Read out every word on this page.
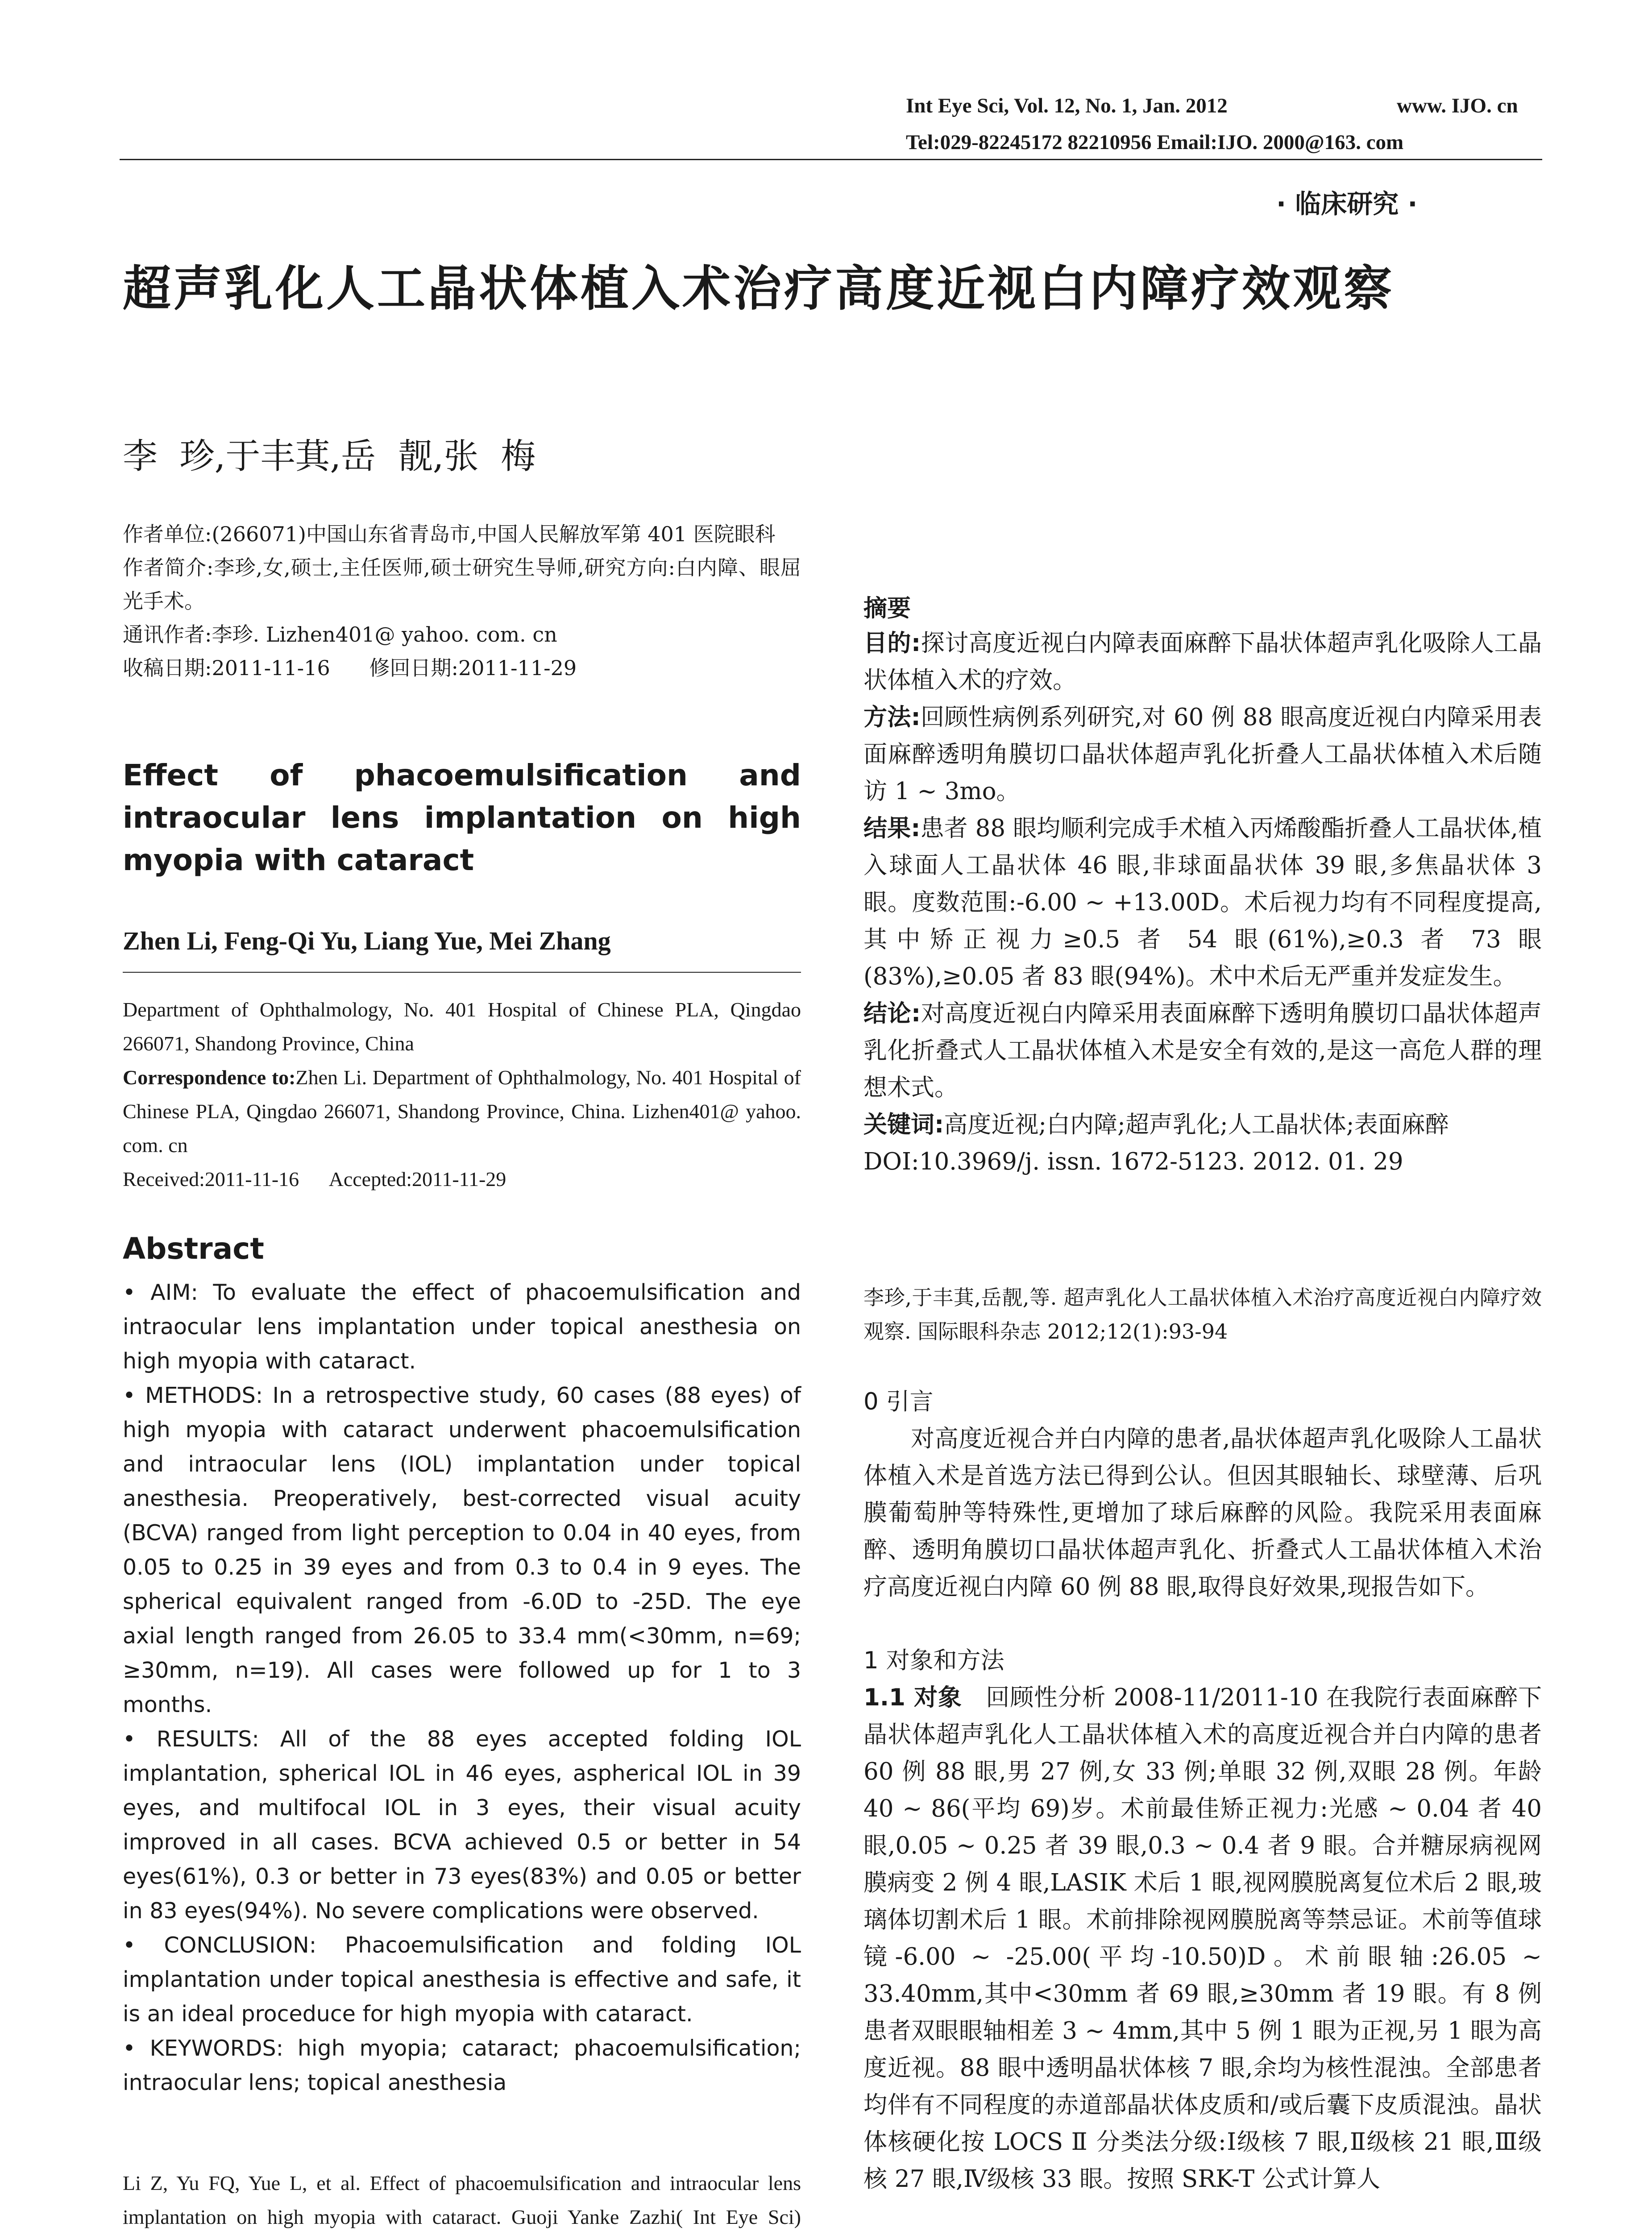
Int Eye Sci, Vol. 12, No. 1, Jan. 2012	www. IJO. cn
Tel:029-82245172 82210956 Email:IJO. 2000@163. com
· 临床研究 ·
超声乳化人工晶状体植入术治疗高度近视白内障疗效观察
李  珍,于丰萁,岳  靓,张  梅

作者单位:(266071)中国山东省青岛市,中国人民解放军第 401 医院眼科

作者简介:李珍,女,硕士,主任医师,硕士研究生导师,研究方向:白内障、眼屈光手术。

通讯作者:李珍. Lizhen401@ yahoo. com. cn

收稿日期:2011-11-16      修回日期:2011-11-29

Effect of phacoemulsification and intraocular lens implantation on high myopia with cataract
Zhen Li, Feng-Qi Yu, Liang Yue, Mei Zhang

Department of Ophthalmology, No. 401 Hospital of Chinese PLA, Qingdao 266071, Shandong Province, China

Correspondence to:Zhen Li. Department of Ophthalmology, No. 401 Hospital of Chinese PLA, Qingdao 266071, Shandong Province, China. Lizhen401@ yahoo. com. cn

Received:2011-11-16      Accepted:2011-11-29

Abstract

• AIM: To evaluate the effect of phacoemulsification and intraocular lens implantation under topical anesthesia on high myopia with cataract.

• METHODS: In a retrospective study, 60 cases (88 eyes) of high myopia with cataract underwent phacoemulsification and intraocular lens (IOL) implantation under topical anesthesia. Preoperatively, best-corrected visual acuity (BCVA) ranged from light perception to 0.04 in 40 eyes, from 0.05 to 0.25 in 39 eyes and from 0.3 to 0.4 in 9 eyes. The spherical equivalent ranged from -6.0D to -25D. The eye axial length ranged from 26.05 to 33.4 mm(<30mm, n=69; ≥30mm, n=19). All cases were followed up for 1 to 3 months.

• RESULTS: All of the 88 eyes accepted folding IOL implantation, spherical IOL in 46 eyes, aspherical IOL in 39 eyes, and multifocal IOL in 3 eyes, their visual acuity improved in all cases. BCVA achieved 0.5 or better in 54 eyes(61%), 0.3 or better in 73 eyes(83%) and 0.05 or better in 83 eyes(94%). No severe complications were observed.

• CONCLUSION: Phacoemulsification and folding IOL implantation under topical anesthesia is effective and safe, it is an ideal proceduce for high myopia with cataract.

• KEYWORDS: high myopia; cataract; phacoemulsification; intraocular lens; topical anesthesia

Li Z, Yu FQ, Yue L, et al. Effect of phacoemulsification and intraocular lens implantation on high myopia with cataract. Guoji Yanke Zazhi( Int Eye Sci)
摘要

目的:探讨高度近视白内障表面麻醉下晶状体超声乳化吸除人工晶状体植入术的疗效。

方法:回顾性病例系列研究,对 60 例 88 眼高度近视白内障采用表面麻醉透明角膜切口晶状体超声乳化折叠人工晶状体植入术后随访 1 ~ 3mo。

结果:患者 88 眼均顺利完成手术植入丙烯酸酯折叠人工晶状体,植入球面人工晶状体 46 眼,非球面晶状体 39 眼,多焦晶状体 3 眼。度数范围:-6.00 ~ +13.00D。术后视力均有不同程度提高,其中矫正视力≥0.5 者 54 眼(61%),≥0.3 者 73 眼(83%),≥0.05 者 83 眼(94%)。术中术后无严重并发症发生。

结论:对高度近视白内障采用表面麻醉下透明角膜切口晶状体超声乳化折叠式人工晶状体植入术是安全有效的,是这一高危人群的理想术式。

关键词:高度近视;白内障;超声乳化;人工晶状体;表面麻醉

DOI:10.3969/j. issn. 1672-5123. 2012. 01. 29

李珍,于丰萁,岳靓,等. 超声乳化人工晶状体植入术治疗高度近视白内障疗效观察. 国际眼科杂志 2012;12(1):93-94
0 引言

对高度近视合并白内障的患者,晶状体超声乳化吸除人工晶状体植入术是首选方法已得到公认。但因其眼轴长、球壁薄、后巩膜葡萄肿等特殊性,更增加了球后麻醉的风险。我院采用表面麻醉、透明角膜切口晶状体超声乳化、折叠式人工晶状体植入术治疗高度近视白内障 60 例 88 眼,取得良好效果,现报告如下。

1 对象和方法

1.1 对象 回顾性分析 2008-11/2011-10 在我院行表面麻醉下晶状体超声乳化人工晶状体植入术的高度近视合并白内障的患者 60 例 88 眼,男 27 例,女 33 例;单眼 32 例,双眼 28 例。年龄 40 ~ 86(平均 69)岁。术前最佳矫正视力:光感 ~ 0.04 者 40 眼,0.05 ~ 0.25 者 39 眼,0.3 ~ 0.4 者 9 眼。合并糖尿病视网膜病变 2 例 4 眼,LASIK 术后 1 眼,视网膜脱离复位术后 2 眼,玻璃体切割术后 1 眼。术前排除视网膜脱离等禁忌证。术前等值球镜-6.00 ~ -25.00(平均-10.50)D。术前眼轴:26.05 ~ 33.40mm,其中<30mm 者 69 眼,≥30mm 者 19 眼。有 8 例患者双眼眼轴相差 3 ~ 4mm,其中 5 例 1 眼为正视,另 1 眼为高度近视。88 眼中透明晶状体核 7 眼,余均为核性混浊。全部患者均伴有不同程度的赤道部晶状体皮质和/或后囊下皮质混浊。晶状体核硬化按 LOCS Ⅱ 分类法分级:Ⅰ级核 7 眼,Ⅱ级核 21 眼,Ⅲ级核 27 眼,Ⅳ级核 33 眼。按照 SRK-T 公式计算人
